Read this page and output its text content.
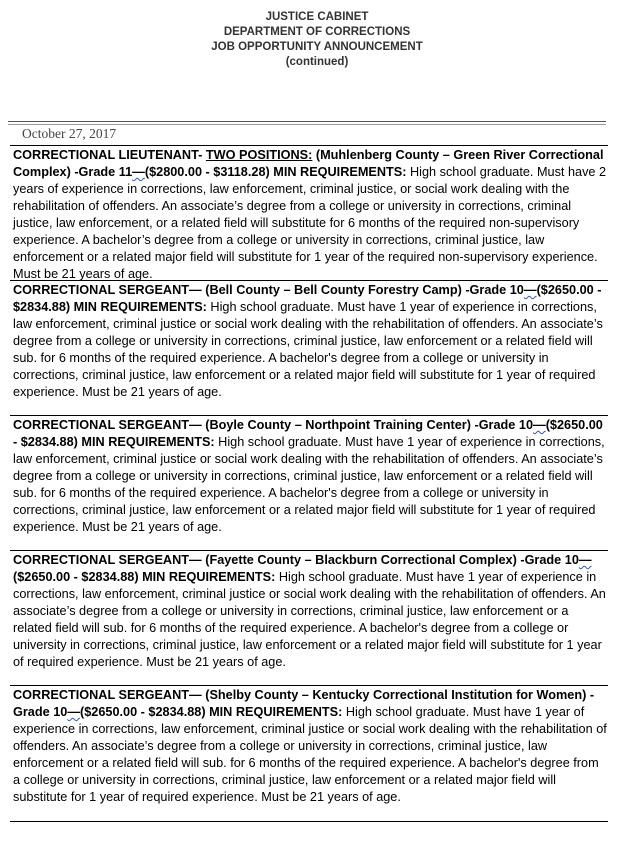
JUSTICE CABINET
DEPARTMENT OF CORRECTIONS
JOB OPPORTUNITY ANNOUNCEMENT
(continued)
October 27, 2017
CORRECTIONAL LIEUTENANT- TWO POSITIONS: (Muhlenberg County – Green River Correctional Complex) -Grade 11—($2800.00 - $3118.28) MIN REQUIREMENTS: High school graduate. Must have 2 years of experience in corrections, law enforcement, criminal justice, or social work dealing with the rehabilitation of offenders. An associate’s degree from a college or university in corrections, criminal justice, law enforcement, or a related field will substitute for 6 months of the required non-supervisory experience. A bachelor’s degree from a college or university in corrections, criminal justice, law enforcement or a related major field will substitute for 1 year of the required non-supervisory experience. Must be 21 years of age.
CORRECTIONAL SERGEANT— (Bell County – Bell County Forestry Camp) -Grade 10—($2650.00 - $2834.88) MIN REQUIREMENTS: High school graduate. Must have 1 year of experience in corrections, law enforcement, criminal justice or social work dealing with the rehabilitation of offenders. An associate’s degree from a college or university in corrections, criminal justice, law enforcement or a related field will sub. for 6 months of the required experience. A bachelor's degree from a college or university in corrections, criminal justice, law enforcement or a related major field will substitute for 1 year of required experience. Must be 21 years of age.
CORRECTIONAL SERGEANT— (Boyle County – Northpoint Training Center) -Grade 10—($2650.00 - $2834.88) MIN REQUIREMENTS: High school graduate. Must have 1 year of experience in corrections, law enforcement, criminal justice or social work dealing with the rehabilitation of offenders. An associate’s degree from a college or university in corrections, criminal justice, law enforcement or a related field will sub. for 6 months of the required experience. A bachelor's degree from a college or university in corrections, criminal justice, law enforcement or a related major field will substitute for 1 year of required experience. Must be 21 years of age.
CORRECTIONAL SERGEANT— (Fayette County – Blackburn Correctional Complex) -Grade 10—($2650.00 - $2834.88) MIN REQUIREMENTS: High school graduate. Must have 1 year of experience in corrections, law enforcement, criminal justice or social work dealing with the rehabilitation of offenders. An associate’s degree from a college or university in corrections, criminal justice, law enforcement or a related field will sub. for 6 months of the required experience. A bachelor's degree from a college or university in corrections, criminal justice, law enforcement or a related major field will substitute for 1 year of required experience. Must be 21 years of age.
CORRECTIONAL SERGEANT— (Shelby County – Kentucky Correctional Institution for Women) -Grade 10—($2650.00 - $2834.88) MIN REQUIREMENTS: High school graduate. Must have 1 year of experience in corrections, law enforcement, criminal justice or social work dealing with the rehabilitation of offenders. An associate’s degree from a college or university in corrections, criminal justice, law enforcement or a related field will sub. for 6 months of the required experience. A bachelor's degree from a college or university in corrections, criminal justice, law enforcement or a related major field will substitute for 1 year of required experience. Must be 21 years of age.
